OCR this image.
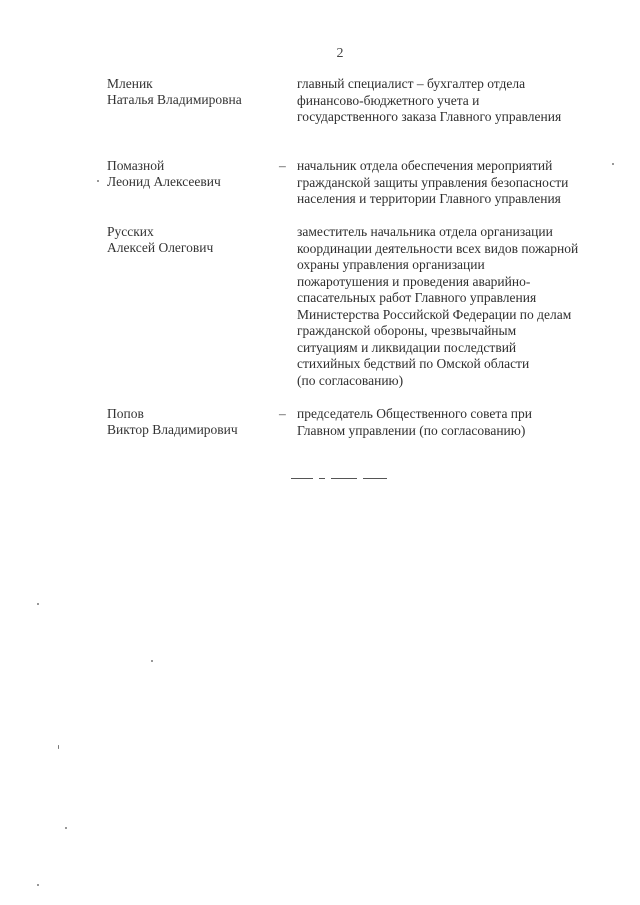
2
Мленик
Наталья Владимировна
главный специалист – бухгалтер отдела
финансово-бюджетного учета и
государственного заказа Главного управления
Помазной
Леонид Алексеевич
– начальник отдела обеспечения мероприятий
гражданской защиты управления безопасности
населения и территории Главного управления
Русских
Алексей Олегович
заместитель начальника отдела организации
координации деятельности всех видов пожарной
охраны управления организации
пожаротушения и проведения аварийно-
спасательных работ Главного управления
Министерства Российской Федерации по делам
гражданской обороны, чрезвычайным
ситуациям и ликвидации последствий
стихийных бедствий по Омской области
(по согласованию)
Попов
Виктор Владимирович
– председатель Общественного совета при
Главном управлении (по согласованию)
